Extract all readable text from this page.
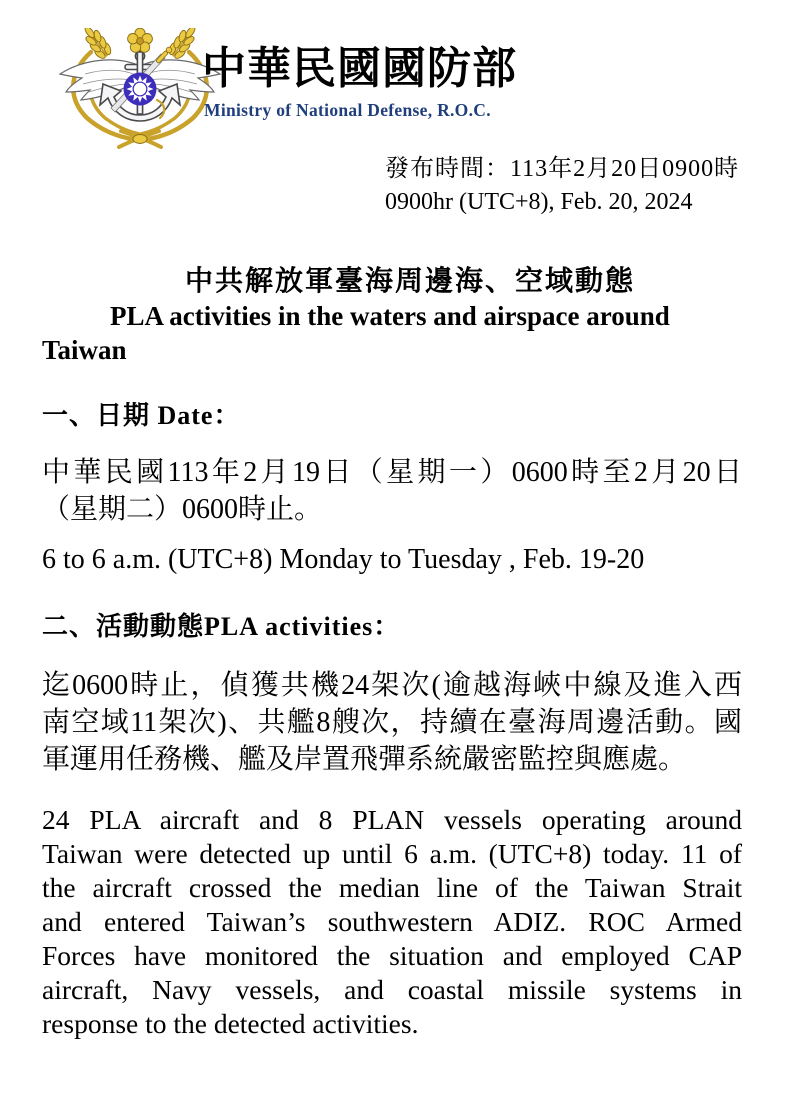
中華民國國防部
Ministry of National Defense, R.O.C.
發布時間：113年2月20日0900時
0900hr (UTC+8), Feb. 20, 2024
中共解放軍臺海周邊海、空域動態
PLA activities in the waters and airspace around
Taiwan
一、日期 Date：
中華民國113年2月19日（星期一）0600時至2月20日
（星期二）0600時止。
6 to 6 a.m. (UTC+8) Monday to Tuesday , Feb. 19-20
二、活動動態PLA activities：
迄0600時止，偵獲共機24架次(逾越海峽中線及進入西
南空域11架次)、共艦8艘次，持續在臺海周邊活動。國
軍運用任務機、艦及岸置飛彈系統嚴密監控與應處。
24 PLA aircraft and 8 PLAN vessels operating around
Taiwan were detected up until 6 a.m. (UTC+8) today. 11 of
the aircraft crossed the median line of the Taiwan Strait
and entered Taiwan’s southwestern ADIZ. ROC Armed
Forces have monitored the situation and employed CAP
aircraft, Navy vessels, and coastal missile systems in
response to the detected activities.
